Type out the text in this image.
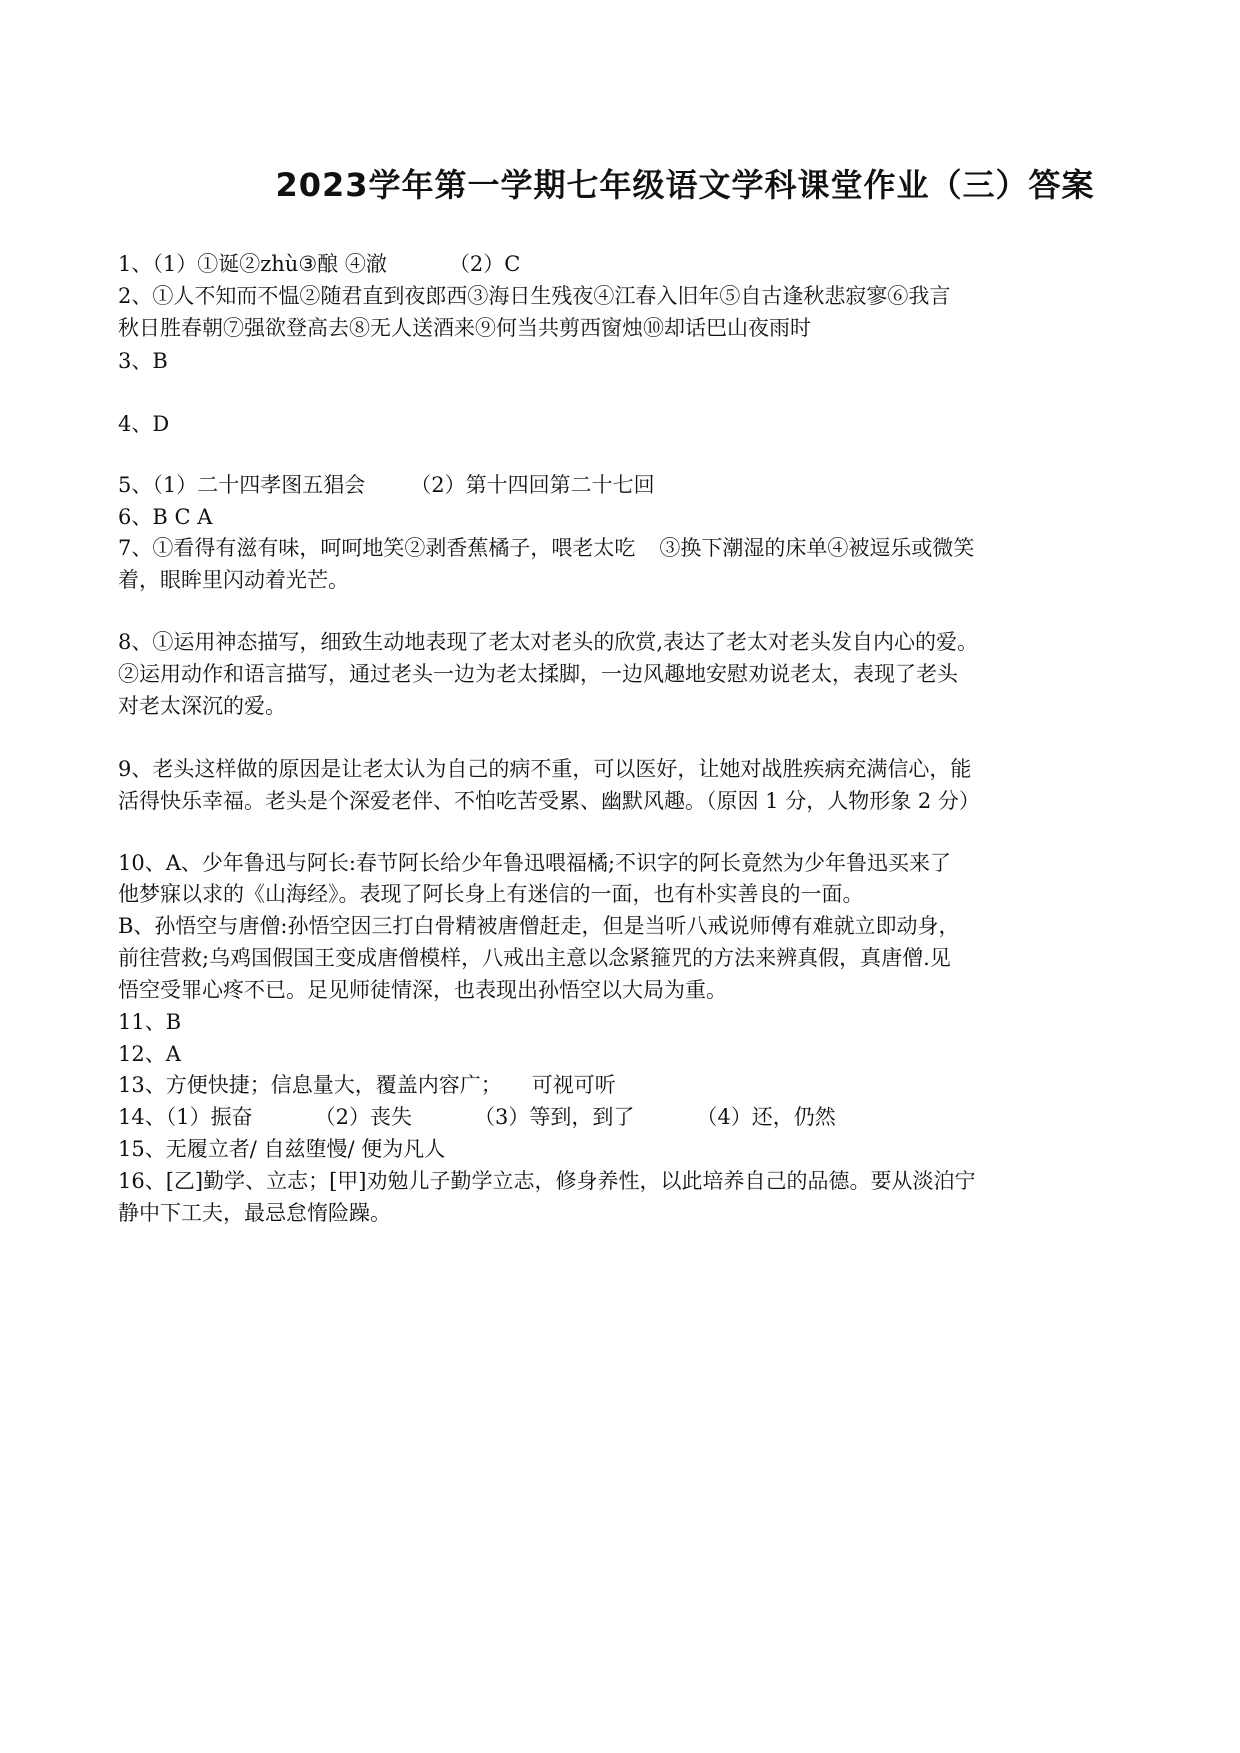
2023学年第一学期七年级语文学科课堂作业（三）答案
1、（1）①诞②zhù③酿 ④澈	（2）C
2、①人不知而不愠②随君直到夜郎西③海日生残夜④江春入旧年⑤自古逢秋悲寂寥⑥我言
秋日胜春朝⑦强欲登高去⑧无人送酒来⑨何当共剪西窗烛⑩却话巴山夜雨时
3、B
4、D
5、（1）二十四孝图五猖会 （2）第十四回第二十七回
6、B C A
7、①看得有滋有味，呵呵地笑②剥香蕉橘子，喂老太吃 ③换下潮湿的床单④被逗乐或微笑
着，眼眸里闪动着光芒。
8、①运用神态描写，细致生动地表现了老太对老头的欣赏,表达了老太对老头发自内心的爱。
②运用动作和语言描写，通过老头一边为老太揉脚，一边风趣地安慰劝说老太，表现了老头
对老太深沉的爱。
9、老头这样做的原因是让老太认为自己的病不重，可以医好，让她对战胜疾病充满信心，能
活得快乐幸福。老头是个深爱老伴、不怕吃苦受累、幽默风趣。（原因 1 分，人物形象 2 分）
10、A、少年鲁迅与阿长:春节阿长给少年鲁迅喂福橘;不识字的阿长竟然为少年鲁迅买来了
他梦寐以求的《山海经》。表现了阿长身上有迷信的一面，也有朴实善良的一面。
B、孙悟空与唐僧:孙悟空因三打白骨精被唐僧赶走，但是当听八戒说师傅有难就立即动身，
前往营救;乌鸡国假国王变成唐僧模样，八戒出主意以念紧箍咒的方法来辨真假，真唐僧.见
悟空受罪心疼不已。足见师徒情深，也表现出孙悟空以大局为重。
11、B
12、A
13、方便快捷；信息量大，覆盖内容广； 可视可听
14、（1）振奋	（2）丧失	（3）等到，到了	（4）还，仍然
15、无履立者/ 自兹堕慢/ 便为凡人
16、[乙]勤学、立志；[甲]劝勉儿子勤学立志，修身养性，以此培养自己的品德。要从淡泊宁
静中下工夫，最忌怠惰险躁。
